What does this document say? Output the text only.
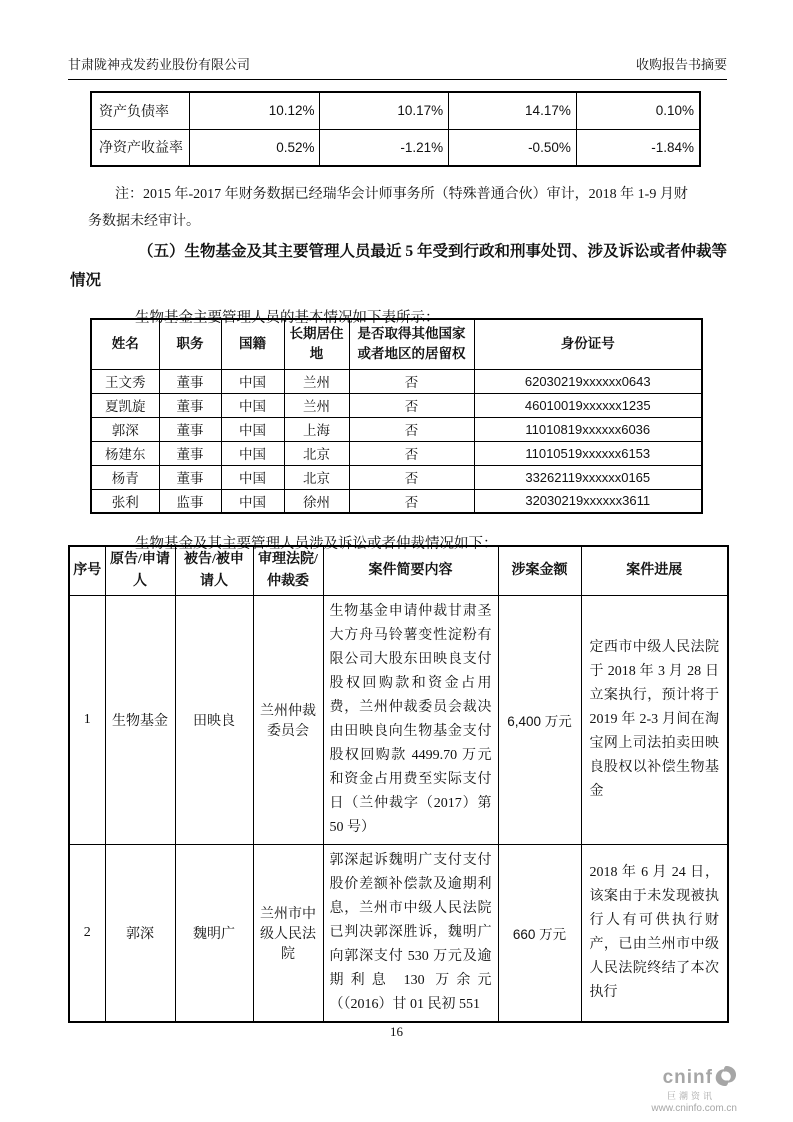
甘肃陇神戎发药业股份有限公司	收购报告书摘要
资产负债率	10.12%	10.17%	14.17%	0.10%
净资产收益率	0.52%	-1.21%	-0.50%	-1.84%

注：2015 年-2017 年财务数据已经瑞华会计师事务所（特殊普通合伙）审计，2018 年 1-9 月财务数据未经审计。

（五）生物基金及其主要管理人员最近 5 年受到行政和刑事处罚、涉及诉讼或者仲裁等情况

生物基金主要管理人员的基本情况如下表所示：

姓名	职务	国籍	长期居住地	是否取得其他国家或者地区的居留权	身份证号
王文秀	董事	中国	兰州	否	62030219xxxxxx0643
夏凯旋	董事	中国	兰州	否	46010019xxxxxx1235
郭深	董事	中国	上海	否	11010819xxxxxx6036
杨建东	董事	中国	北京	否	11010519xxxxxx6153
杨青	董事	中国	北京	否	33262119xxxxxx0165
张利	监事	中国	徐州	否	32030219xxxxxx3611

生物基金及其主要管理人员涉及诉讼或者仲裁情况如下：

序号	原告/申请人	被告/被申请人	审理法院/仲裁委	案件简要内容	涉案金额	案件进展
1	生物基金	田映良	兰州仲裁委员会	生物基金申请仲裁甘肃圣大方舟马铃薯变性淀粉有限公司大股东田映良支付股权回购款和资金占用费，兰州仲裁委员会裁决由田映良向生物基金支付股权回购款 4499.70 万元和资金占用费至实际支付日（兰仲裁字（2017）第 50 号）	6,400 万元	定西市中级人民法院于 2018 年 3 月 28 日立案执行，预计将于 2019 年 2-3 月间在淘宝网上司法拍卖田映良股权以补偿生物基金
2	郭深	魏明广	兰州市中级人民法院	郭深起诉魏明广支付支付股价差额补偿款及逾期利息，兰州市中级人民法院已判决郭深胜诉，魏明广向郭深支付 530 万元及逾期利息 130 万余元（（2016）甘 01 民初 551	660 万元	2018 年 6 月 24 日，该案由于未发现被执行人有可供执行财产，已由兰州市中级人民法院终结了本次执行
16
cninf
巨潮资讯
www.cninfo.com.cn
